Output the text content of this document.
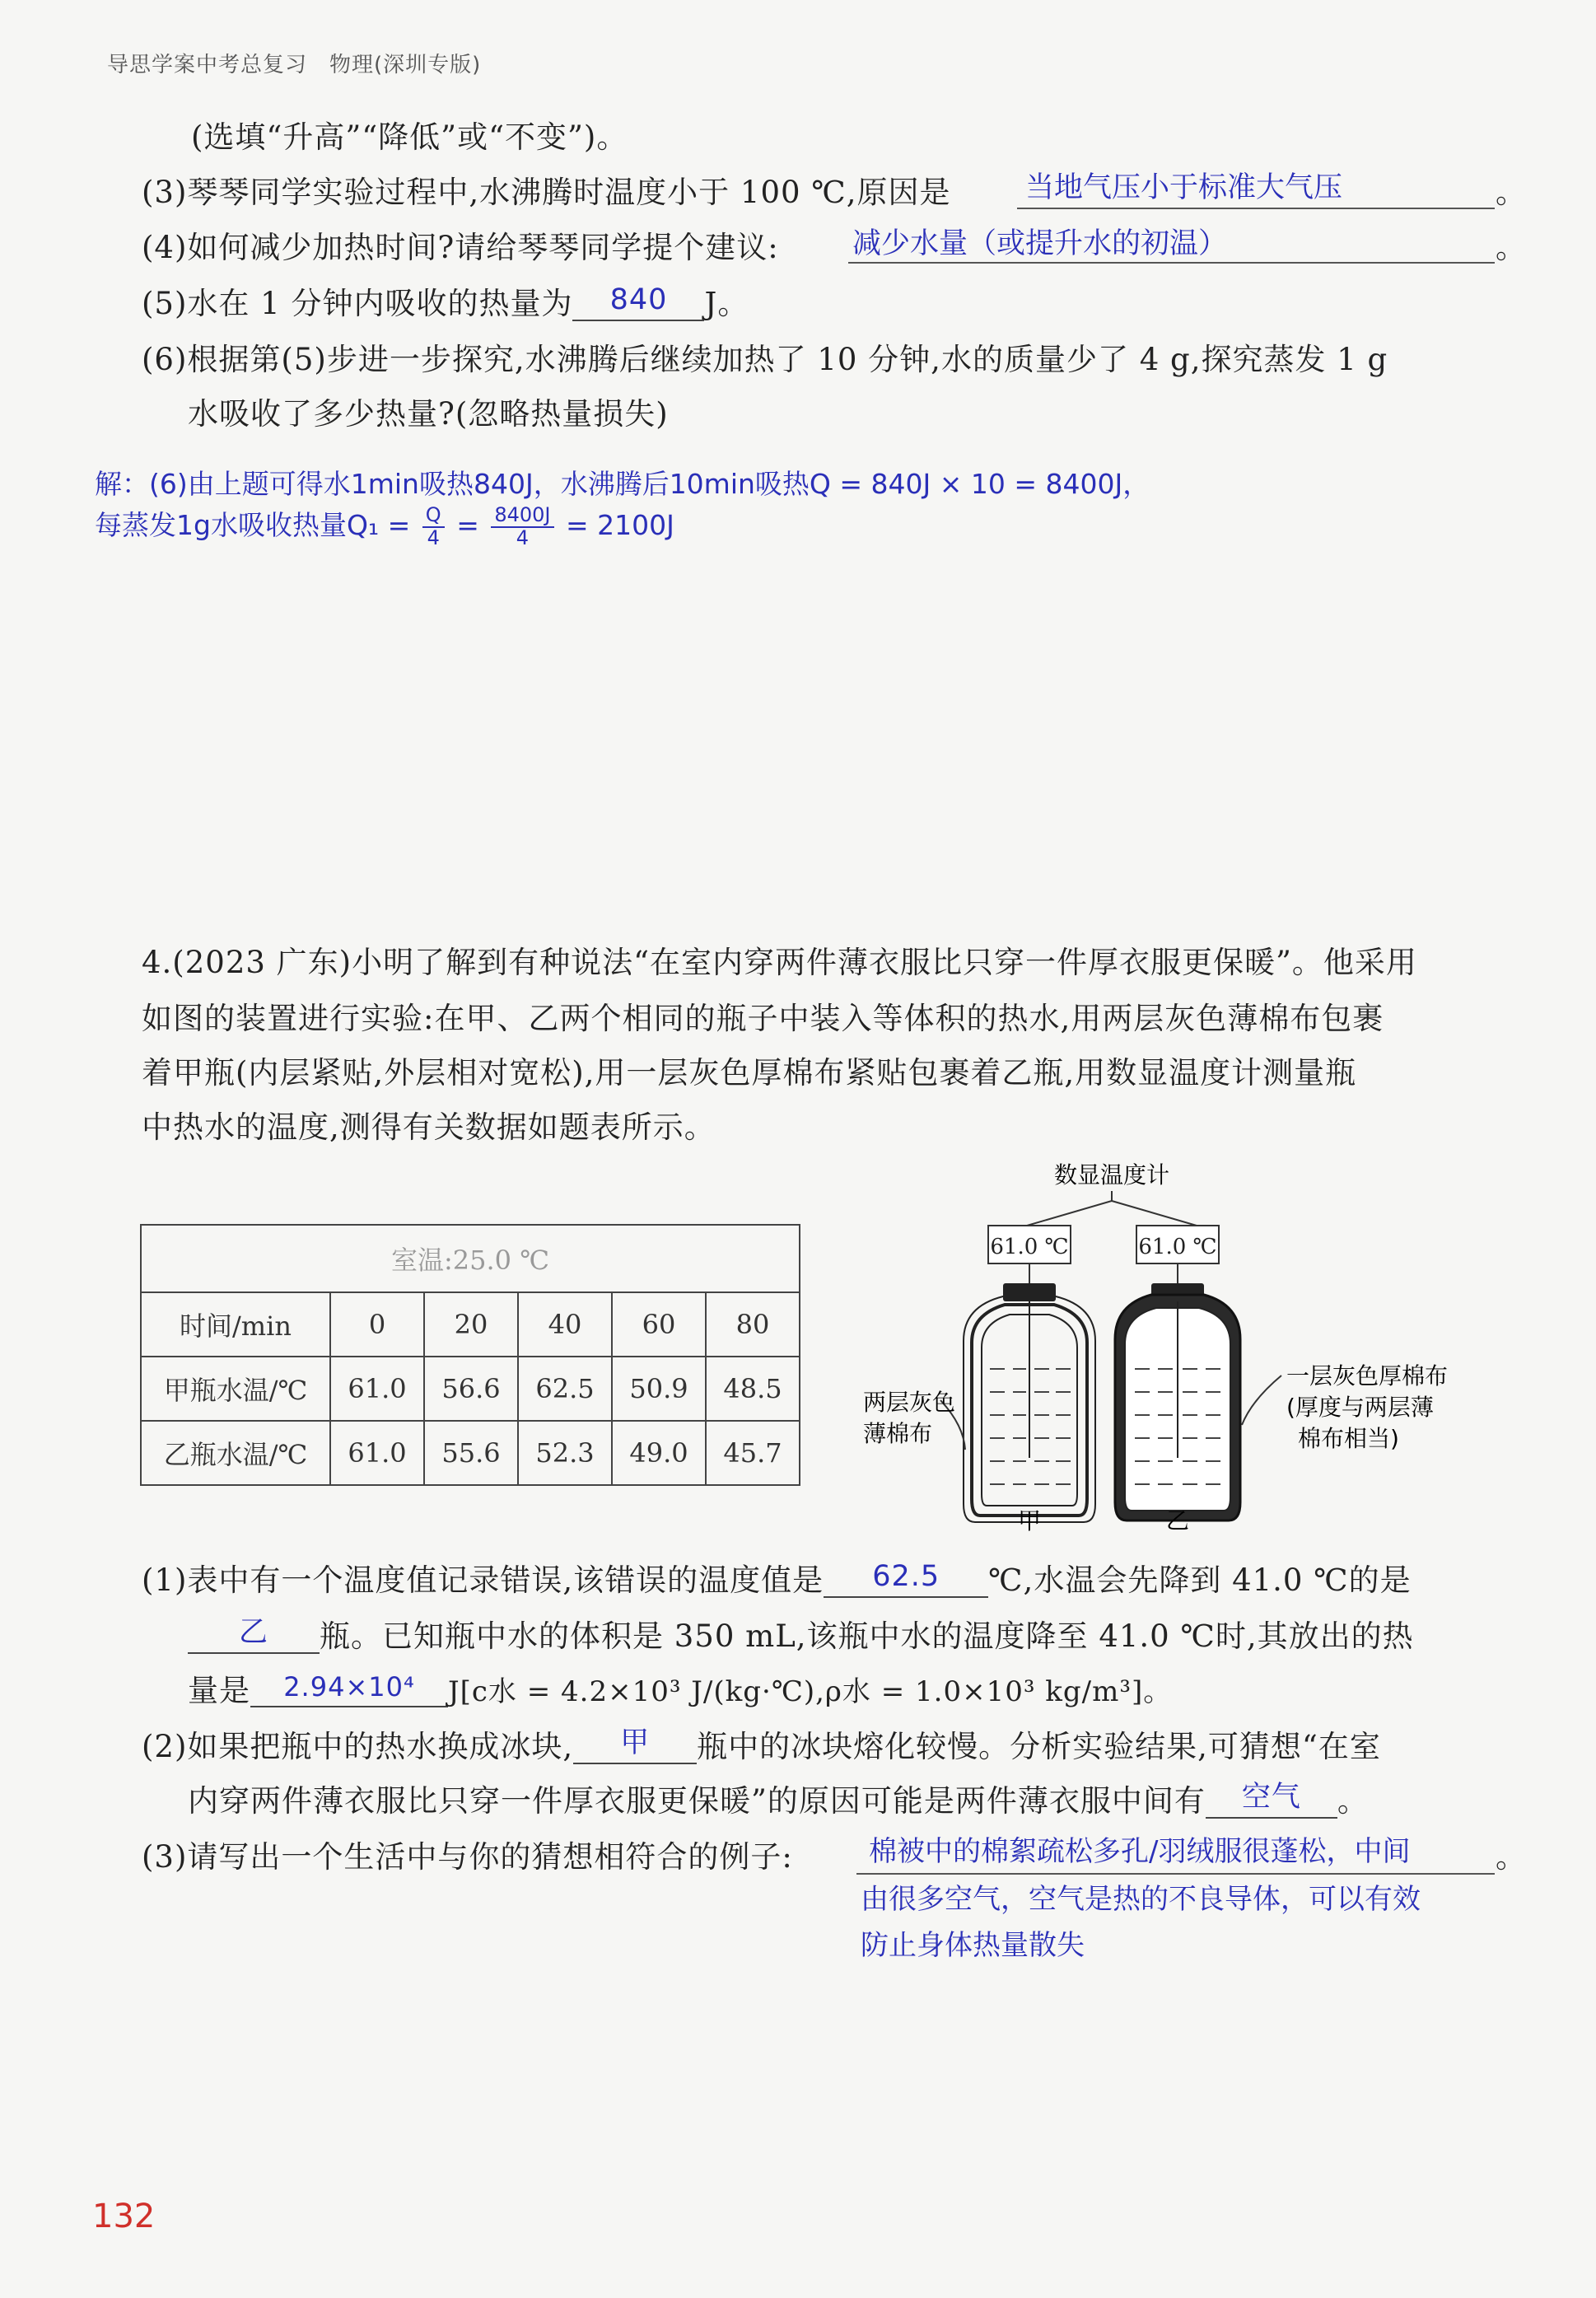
导思学案中考总复习　物理(深圳专版)
(选填“升高”“降低”或“不变”)。
(3)琴琴同学实验过程中,水沸腾时温度小于 100 ℃,原因是	当地气压小于标准大气压	。
(4)如何减少加热时间?请给琴琴同学提个建议:	减少水量（或提升水的初温）	。
(5)水在 1 分钟内吸收的热量为 840 J。
(6)根据第(5)步进一步探究,水沸腾后继续加热了 10 分钟,水的质量少了 4 g,探究蒸发 1 g
水吸收了多少热量?(忽略热量损失)
解：(6)由上题可得水1min吸热840J，水沸腾后10min吸热Q = 840J × 10 = 8400J，
每蒸发1g水吸收热量$Q_1 = \frac{Q}{4} = \frac{8400J}{4} = 2100J$
4.(2023 广东)小明了解到有种说法“在室内穿两件薄衣服比只穿一件厚衣服更保暖”。他采用
如图的装置进行实验:在甲、乙两个相同的瓶子中装入等体积的热水,用两层灰色薄棉布包裹
着甲瓶(内层紧贴,外层相对宽松),用一层灰色厚棉布紧贴包裹着乙瓶,用数显温度计测量瓶
中热水的温度,测得有关数据如题表所示。
室温:25.0 ℃					
时间/min	0	20	40	60	80
甲瓶水温/℃	61.0	56.6	62.5	50.9	48.5
乙瓶水温/℃	61.0	55.6	52.3	49.0	45.7
数显温度计
61.0 ℃	61.0 ℃
两层灰色
薄棉布
一层灰色厚棉布
(厚度与两层薄
棉布相当)
甲	乙
(1)表中有一个温度值记录错误,该错误的温度值是 62.5 ℃,水温会先降到 41.0 ℃的是
乙 瓶。已知瓶中水的体积是 350 mL,该瓶中水的温度降至 41.0 ℃时,其放出的热
量是 2.94×10⁴ J[c水 = 4.2×10³ J/(kg·℃),ρ水 = 1.0×10³ kg/m³]。
(2)如果把瓶中的热水换成冰块, 甲 瓶中的冰块熔化较慢。分析实验结果,可猜想“在室
内穿两件薄衣服比只穿一件厚衣服更保暖”的原因可能是两件薄衣服中间有 空气 。
(3)请写出一个生活中与你的猜想相符合的例子:	棉被中的棉絮疏松多孔/羽绒服很蓬松，中间	。
由很多空气，空气是热的不良导体，可以有效
防止身体热量散失
132
